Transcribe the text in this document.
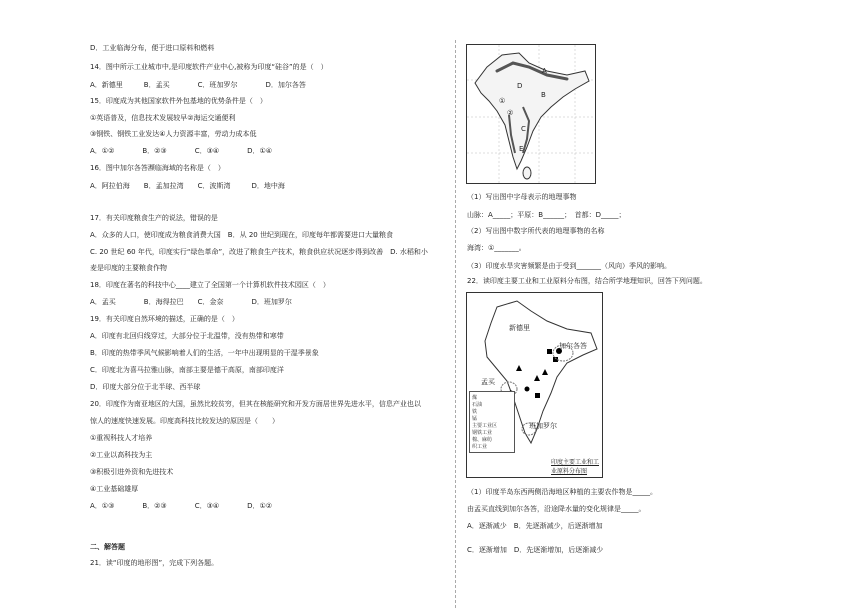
D．工业临海分布，便于进口原料和燃料
14．图中所示工业城市中,是印度软件产业中心,被称为印度“硅谷”的是（　）
A．新德里　　　B．孟买　　　　C．班加罗尔　　　　D．加尔各答
15．印度成为其他国家软件外包基地的优势条件是（　）
①英语普及，信息技术发展较早②海运交通便利
③钢铁、钢铁工业发达④人力资源丰富，劳动力成本低
A．①②　　　　B．②③　　　　C．③④　　　　D．①④
16．图中加尔各答濒临海域的名称是（　）
A．阿拉伯海　　B．孟加拉湾　　C．波斯湾　　　D．地中海
17．有关印度粮食生产的说法，错误的是
A．众多的人口，使印度成为粮食消费大国　B．从 20 世纪到现在，印度每年都需要进口大量粮食
C. 20 世纪 60 年代，印度实行“绿色革命”，改进了粮食生产技术，粮食供应状况逐步得到改善　D. 水稻和小
麦是印度的主要粮食作物
18．印度在著名的科技中心____建立了全国第一个计算机软件技术园区（　）
A．孟买　　　　B．海得拉巴　　C．金奈　　　　D．班加罗尔
19．有关印度自然环境的描述，正确的是（　）
A．印度有北回归线穿过，大部分位于北温带，没有热带和寒带
B．印度的热带季风气候影响着人们的生活，一年中出现明显的干湿季景象
C．印度北为喜马拉雅山脉，南部主要是德干高原，南部印度洋
D．印度大部分位于北半球、西半球
20．印度作为南亚地区的大国，虽然比较贫穷，但其在核能研究和开发方面居世界先进水平，信息产业也以
惊人的速度快速发展。印度高科技比较发达的原因是（　　）
①重视科技人才培养
②工业以高科技为主
③积极引进外资和先进技术
④工业基础雄厚
A．①③　　　　B．②③　　　　C．③④　　　　D．①②
二、解答题
21．读“印度的地形图”，完成下列各题。
A
D
B
①
②
C
E
（1）写出图中字母表示的地理事物
山脉：A_____；平原：B______；　首都：D_____；
（2）写出图中数字所代表的地理事物的名称
海湾：①_______。
（3）印度水旱灾害频繁是由于受到_______（风向）季风的影响。
22．读印度主要工业和工业原料分布图，结合所学地理知识，回答下列问题。
（1）印度半岛东西两侧沿海地区种植的主要农作物是_____。
由孟买直线到加尔各答，沿途降水量的变化规律是_____。
A．逐渐减少　B．先逐渐减少，后逐渐增加
C．逐渐增加　D．先逐渐增加，后逐渐减少
新德里
加尔各答
孟买
班加罗尔
煤
石油
铁
锰
主要工业区
钢铁工业
棉、麻纺
织工业
印度主要工业和工业原料分布图
